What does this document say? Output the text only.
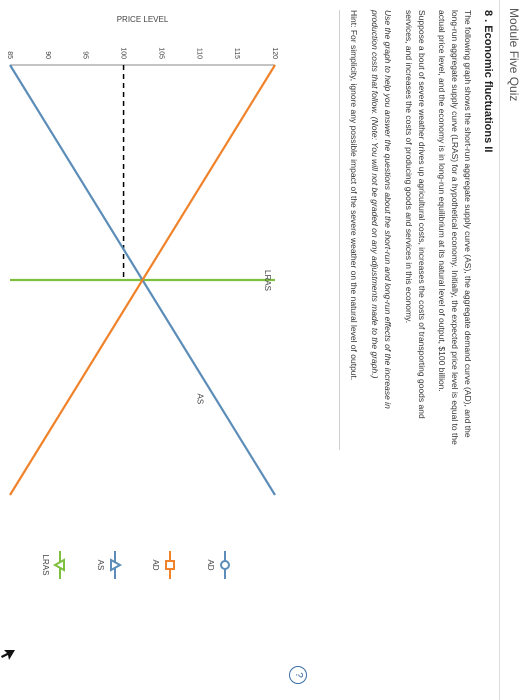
Module Five Quiz
8 . Economic fluctuations II
The following graph shows the short-run aggregate supply curve (AS), the aggregate demand curve (AD), and the long-run aggregate supply curve (LRAS) for a hypothetical economy. Initially, the expected price level is equal to the actual price level, and the economy is in long-run equilibrium at its natural level of output, $100 billion.
Suppose a bout of severe weather drives up agricultural costs, increases the costs of transporting goods and services, and increases the costs of producing goods and services in this economy.
Use the graph to help you answer the questions about the short-run and long-run effects of the increase in production costs that follow. (Note: You will not be graded on any adjustments made to the graph.)
Hint: For simplicity, ignore any possible impact of the severe weather on the natural level of output.
?
PRICE LEVEL
85	90	95	100	105	110	115	120
LRAS
AS
AD
AD
AS
LRAS
